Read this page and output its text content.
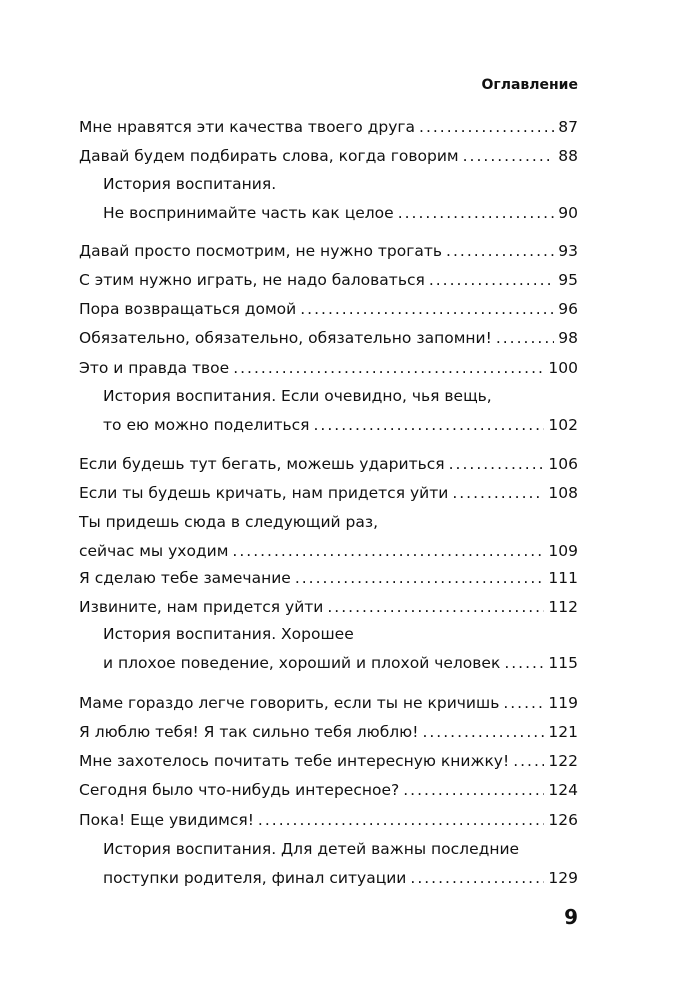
Оглавление
Мне нравятся эти качества твоего друга .....	87
Давай будем подбирать слова, когда говорим .....	88
История воспитания.
Не воспринимайте часть как целое .....	90
Давай просто посмотрим, не нужно трогать .....	93
С этим нужно играть, не надо баловаться .....	95
Пора возвращаться домой .....	96
Обязательно, обязательно, обязательно запомни! .....	98
Это и правда твое .....	100
История воспитания. Если очевидно, чья вещь,
то ею можно поделиться .....	102
Если будешь тут бегать, можешь удариться .....	106
Если ты будешь кричать, нам придется уйти .....	108
Ты придешь сюда в следующий раз,
сейчас мы уходим .....	109
Я сделаю тебе замечание .....	111
Извините, нам придется уйти .....	112
История воспитания. Хорошее
и плохое поведение, хороший и плохой человек .....	115
Маме гораздо легче говорить, если ты не кричишь .....	119
Я люблю тебя! Я так сильно тебя люблю! .....	121
Мне захотелось почитать тебе интересную книжку! .....	122
Сегодня было что-нибудь интересное? .....	124
Пока! Еще увидимся! .....	126
История воспитания. Для детей важны последние
поступки родителя, финал ситуации .....	129
9
